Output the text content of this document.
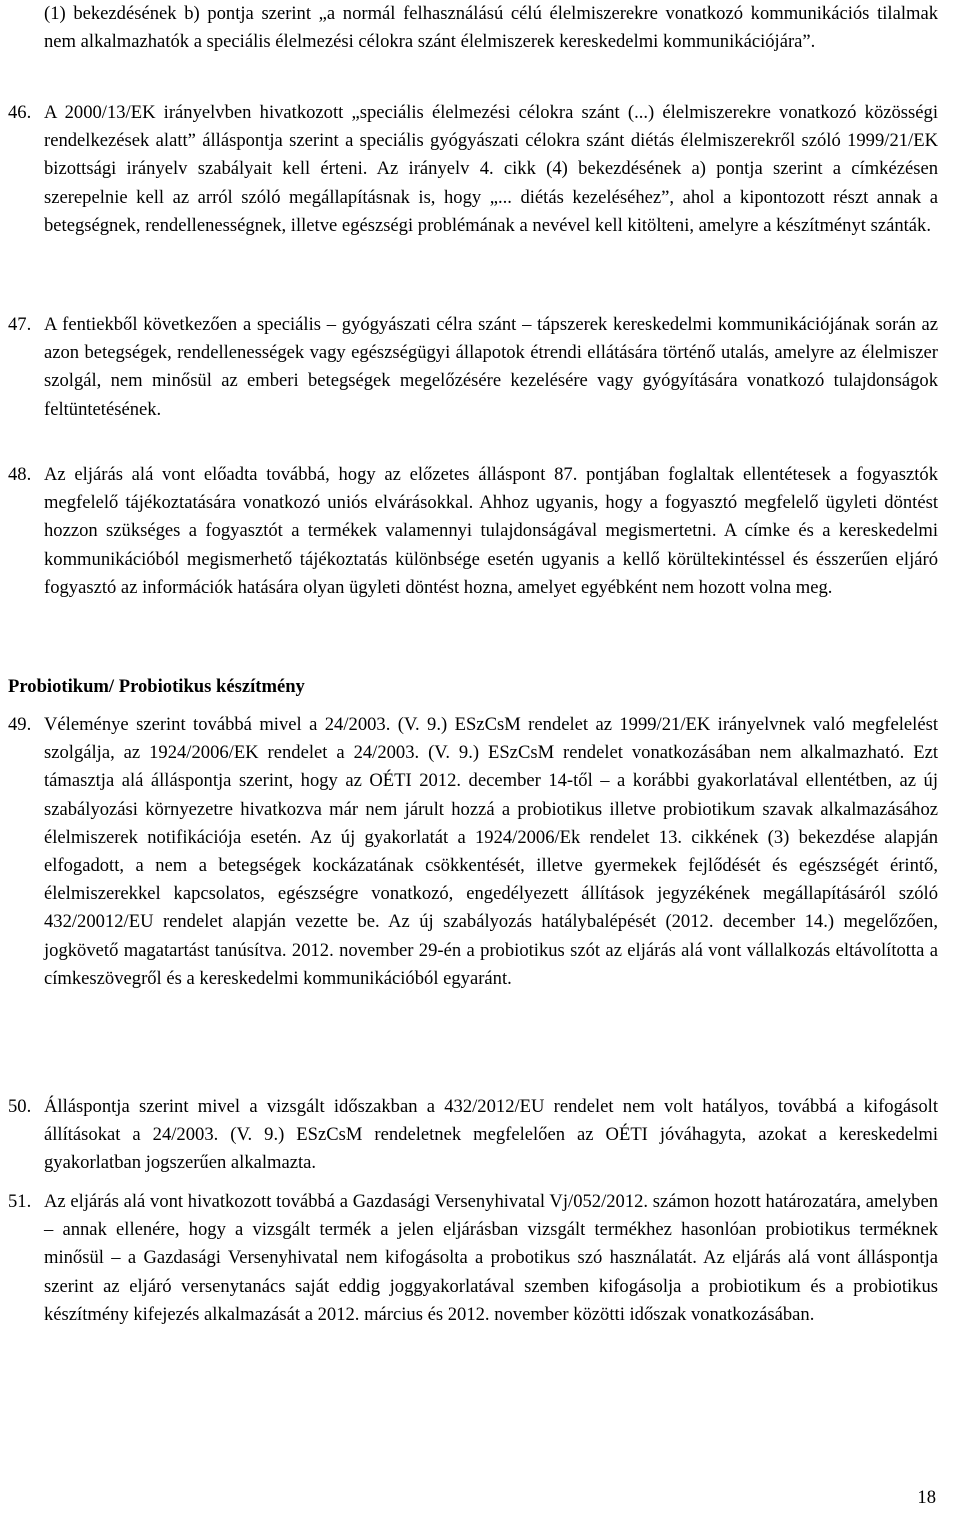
(1) bekezdésének b) pontja szerint „a normál felhasználású célú élelmiszerekre vonatkozó kommunikációs tilalmak nem alkalmazhatók a speciális élelmezési célokra szánt élelmiszerek kereskedelmi kommunikációjára”.

46. A 2000/13/EK irányelvben hivatkozott „speciális élelmezési célokra szánt (...) élelmiszerekre vonatkozó közösségi rendelkezések alatt” álláspontja szerint a speciális gyógyászati célokra szánt diétás élelmiszerekről szóló 1999/21/EK bizottsági irányelv szabályait kell érteni. Az irányelv 4. cikk (4) bekezdésének a) pontja szerint a címkézésen szerepelnie kell az arról szóló megállapításnak is, hogy „... diétás kezeléséhez”, ahol a kipontozott részt annak a betegségnek, rendellenességnek, illetve egészségi problémának a nevével kell kitölteni, amelyre a készítményt szánták.

47. A fentiekből következően a speciális – gyógyászati célra szánt – tápszerek kereskedelmi kommunikációjának során az azon betegségek, rendellenességek vagy egészségügyi állapotok étrendi ellátására történő utalás, amelyre az élelmiszer szolgál, nem minősül az emberi betegségek megelőzésére kezelésére vagy gyógyítására vonatkozó tulajdonságok feltüntetésének.

48. Az eljárás alá vont előadta továbbá, hogy az előzetes álláspont 87. pontjában foglaltak ellentétesek a fogyasztók megfelelő tájékoztatására vonatkozó uniós elvárásokkal. Ahhoz ugyanis, hogy a fogyasztó megfelelő ügyleti döntést hozzon szükséges a fogyasztót a termékek valamennyi tulajdonságával megismertetni. A címke és a kereskedelmi kommunikációból megismerhető tájékoztatás különbsége esetén ugyanis a kellő körültekintéssel és ésszerűen eljáró fogyasztó az információk hatására olyan ügyleti döntést hozna, amelyet egyébként nem hozott volna meg.

Probiotikum/ Probiotikus készítmény

49. Véleménye szerint továbbá mivel a 24/2003. (V. 9.) ESzCsM rendelet az 1999/21/EK irányelvnek való megfelelést szolgálja, az 1924/2006/EK rendelet a 24/2003. (V. 9.) ESzCsM rendelet vonatkozásában nem alkalmazható. Ezt támasztja alá álláspontja szerint, hogy az OÉTI 2012. december 14-től – a korábbi gyakorlatával ellentétben, az új szabályozási környezetre hivatkozva már nem járult hozzá a probiotikus illetve probiotikum szavak alkalmazásához élelmiszerek notifikációja esetén. Az új gyakorlatát a 1924/2006/Ek rendelet 13. cikkének (3) bekezdése alapján elfogadott, a nem a betegségek kockázatának csökkentését, illetve gyermekek fejlődését és egészségét érintő, élelmiszerekkel kapcsolatos, egészségre vonatkozó, engedélyezett állítások jegyzékének megállapításáról szóló 432/20012/EU rendelet alapján vezette be. Az új szabályozás hatálybalépését (2012. december 14.) megelőzően, jogkövető magatartást tanúsítva. 2012. november 29-én a probiotikus szót az eljárás alá vont vállalkozás eltávolította a címkeszövegről és a kereskedelmi kommunikációból egyaránt.

50. Álláspontja szerint mivel a vizsgált időszakban a 432/2012/EU rendelet nem volt hatályos, továbbá a kifogásolt állításokat a 24/2003. (V. 9.) ESzCsM rendeletnek megfelelően az OÉTI jóváhagyta, azokat a kereskedelmi gyakorlatban jogszerűen alkalmazta.

51. Az eljárás alá vont hivatkozott továbbá a Gazdasági Versenyhivatal Vj/052/2012. számon hozott határozatára, amelyben – annak ellenére, hogy a vizsgált termék a jelen eljárásban vizsgált termékhez hasonlóan probiotikus terméknek minősül – a Gazdasági Versenyhivatal nem kifogásolta a probotikus szó használatát. Az eljárás alá vont álláspontja szerint az eljáró versenytanács saját eddig joggyakorlatával szemben kifogásolja a probiotikum és a probiotikus készítmény kifejezés alkalmazását a 2012. március és 2012. november közötti időszak vonatkozásában.

18
